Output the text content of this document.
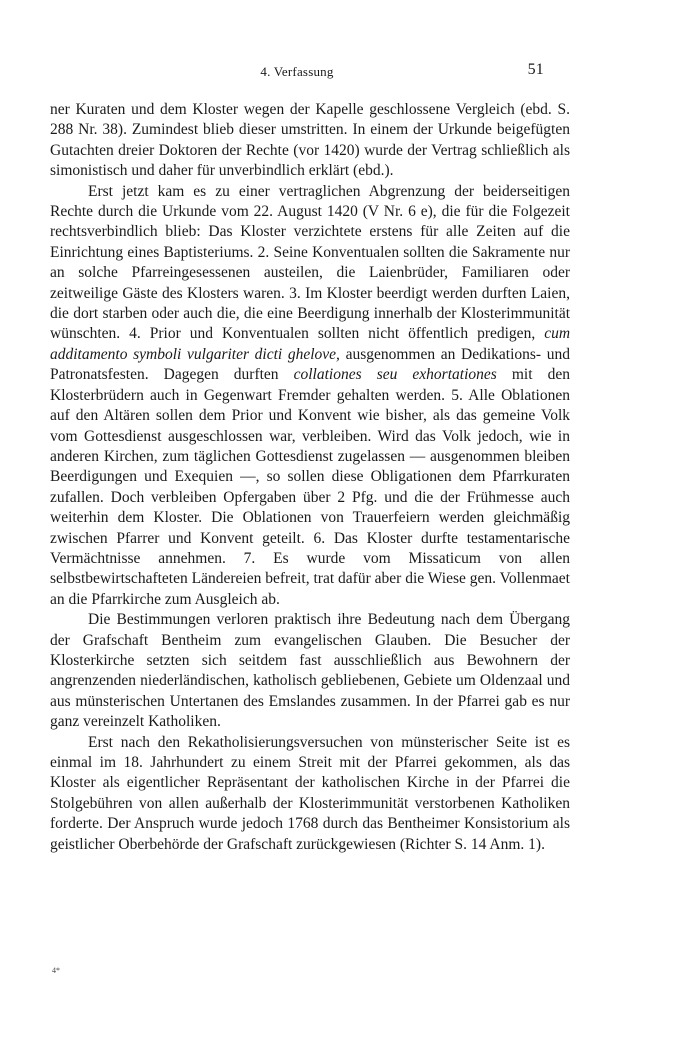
4. Verfassung	51

ner Kuraten und dem Kloster wegen der Kapelle geschlossene Vergleich (ebd. S. 288 Nr. 38). Zumindest blieb dieser umstritten. In einem der Urkunde beigefügten Gutachten dreier Doktoren der Rechte (vor 1420) wurde der Vertrag schließlich als simonistisch und daher für unverbindlich erklärt (ebd.).

Erst jetzt kam es zu einer vertraglichen Abgrenzung der beiderseitigen Rechte durch die Urkunde vom 22. August 1420 (V Nr. 6 e), die für die Folgezeit rechtsverbindlich blieb: Das Kloster verzichtete erstens für alle Zeiten auf die Einrichtung eines Baptisteriums. 2. Seine Konventualen sollten die Sakramente nur an solche Pfarreingesessenen austeilen, die Laienbrüder, Familiaren oder zeitweilige Gäste des Klosters waren. 3. Im Kloster beerdigt werden durften Laien, die dort starben oder auch die, die eine Beerdigung innerhalb der Klosterimmunität wünschten. 4. Prior und Konventualen sollten nicht öffentlich predigen, cum additamento symboli vulgariter dicti ghelove, ausgenommen an Dedikations- und Patronatsfesten. Dagegen durften collationes seu exhortationes mit den Klosterbrüdern auch in Gegenwart Fremder gehalten werden. 5. Alle Oblationen auf den Altären sollen dem Prior und Konvent wie bisher, als das gemeine Volk vom Gottesdienst ausgeschlossen war, verbleiben. Wird das Volk jedoch, wie in anderen Kirchen, zum täglichen Gottesdienst zugelassen — ausgenommen bleiben Beerdigungen und Exequien —, so sollen diese Obligationen dem Pfarrkuraten zufallen. Doch verbleiben Opfergaben über 2 Pfg. und die der Frühmesse auch weiterhin dem Kloster. Die Oblationen von Trauerfeiern werden gleichmäßig zwischen Pfarrer und Konvent geteilt. 6. Das Kloster durfte testamentarische Vermächtnisse annehmen. 7. Es wurde vom Missaticum von allen selbstbewirtschafteten Ländereien befreit, trat dafür aber die Wiese gen. Vollenmaet an die Pfarrkirche zum Ausgleich ab.

Die Bestimmungen verloren praktisch ihre Bedeutung nach dem Übergang der Grafschaft Bentheim zum evangelischen Glauben. Die Besucher der Klosterkirche setzten sich seitdem fast ausschließlich aus Bewohnern der angrenzenden niederländischen, katholisch gebliebenen, Gebiete um Oldenzaal und aus münsterischen Untertanen des Emslandes zusammen. In der Pfarrei gab es nur ganz vereinzelt Katholiken.

Erst nach den Rekatholisierungsversuchen von münsterischer Seite ist es einmal im 18. Jahrhundert zu einem Streit mit der Pfarrei gekommen, als das Kloster als eigentlicher Repräsentant der katholischen Kirche in der Pfarrei die Stolgebühren von allen außerhalb der Klosterimmunität verstorbenen Katholiken forderte. Der Anspruch wurde jedoch 1768 durch das Bentheimer Konsistorium als geistlicher Oberbehörde der Grafschaft zurückgewiesen (Richter S. 14 Anm. 1).

4*
